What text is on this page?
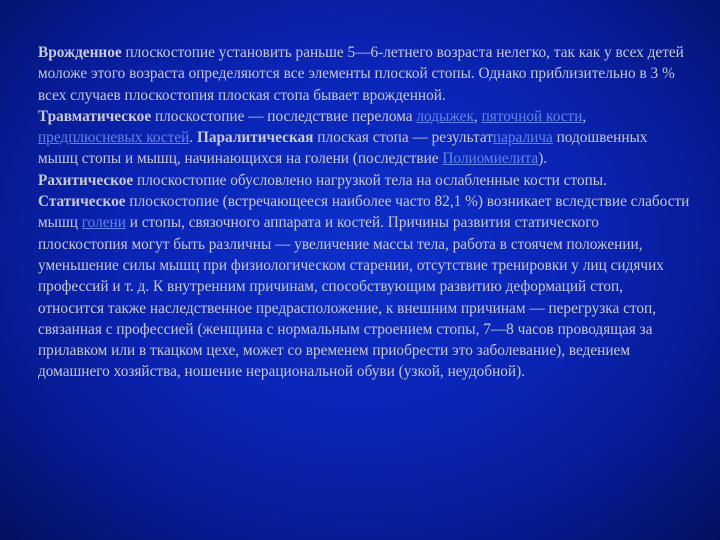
Врожденное плоскостопие установить раньше 5—6-летнего возраста нелегко, так как у всех детей моложе этого возраста определяются все элементы плоской стопы. Однако приблизительно в 3 % всех случаев плоскостопия плоская стопа бывает врожденной.
Травматическое плоскостопие — последствие перелома лодыжек, пяточной кости, предплюсневых костей. Паралитическая плоская стопа — результатпаралича подошвенных мышц стопы и мышц, начинающихся на голени (последствие Полиомиелита).
Рахитическое плоскостопие обусловлено нагрузкой тела на ослабленные кости стопы.
Статическое плоскостопие (встречающееся наиболее часто 82,1 %) возникает вследствие слабости мышц голени и стопы, связочного аппарата и костей. Причины развития статического плоскостопия могут быть различны — увеличение массы тела, работа в стоячем положении, уменьшение силы мышц при физиологическом старении, отсутствие тренировки у лиц сидячих профессий и т. д. К внутренним причинам, способствующим развитию деформаций стоп, относится также наследственное предрасположение, к внешним причинам — перегрузка стоп, связанная с профессией (женщина с нормальным строением стопы, 7—8 часов проводящая за прилавком или в ткацком цехе, может со временем приобрести это заболевание), ведением домашнего хозяйства, ношение нерациональной обуви (узкой, неудобной).
